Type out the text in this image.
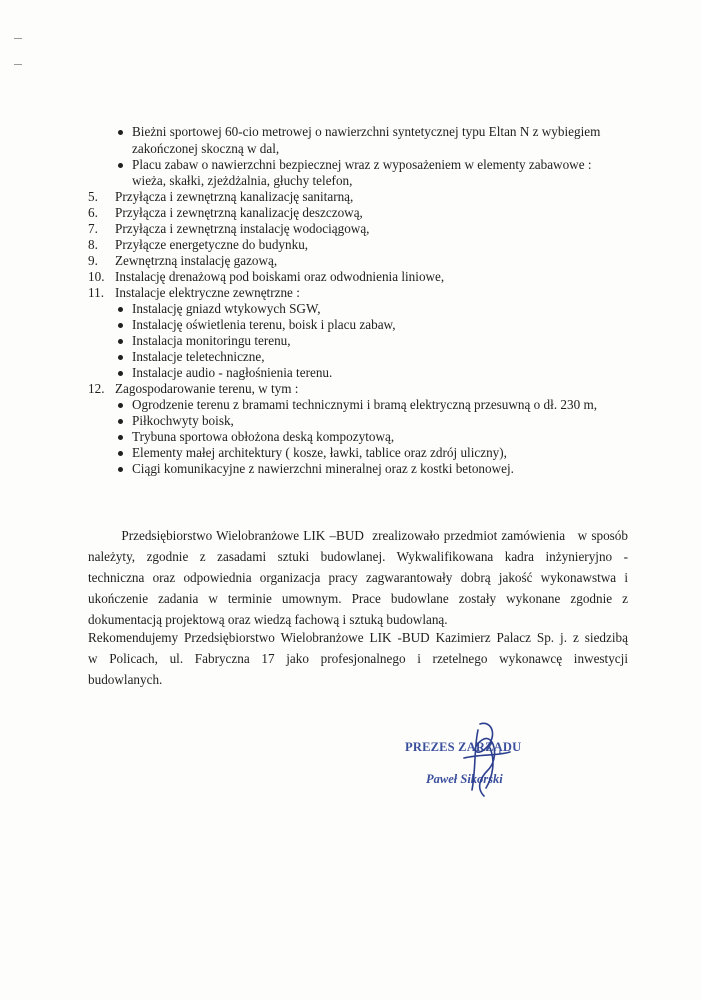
Bieżni sportowej 60-cio metrowej o nawierzchni syntetycznej typu Eltan N z wybiegiem
zakończonej skoczną w dal,
Placu zabaw o nawierzchni bezpiecznej wraz z wyposażeniem w elementy zabawowe :
wieża, skałki, zjeżdżalnia, głuchy telefon,
5.	Przyłącza i zewnętrzną kanalizację sanitarną,
6.	Przyłącza i zewnętrzną kanalizację deszczową,
7.	Przyłącza i zewnętrzną instalację wodociągową,
8.	Przyłącze energetyczne do budynku,
9.	Zewnętrzną instalację gazową,
10. Instalację drenażową pod boiskami oraz odwodnienia liniowe,
11. Instalacje elektryczne zewnętrzne :
Instalację gniazd wtykowych SGW,
Instalację oświetlenia terenu, boisk i placu zabaw,
Instalacja monitoringu terenu,
Instalacje teletechniczne,
Instalacje audio - nagłośnienia terenu.
12. Zagospodarowanie terenu, w tym :
Ogrodzenie terenu z bramami technicznymi i bramą elektryczną przesuwną o dł. 230 m,
Piłkochwyty boisk,
Trybuna sportowa obłożona deską kompozytową,
Elementy małej architektury ( kosze, ławki, tablice oraz zdrój uliczny),
Ciągi komunikacyjne z nawierzchni mineralnej oraz z kostki betonowej.
Przedsiębiorstwo Wielobranżowe LIK –BUD  zrealizowało przedmiot zamówienia   w sposób
należyty, zgodnie z zasadami sztuki budowlanej. Wykwalifikowana kadra inżynieryjno -
techniczna oraz odpowiednia organizacja pracy zagwarantowały dobrą jakość wykonawstwa i
ukończenie zadania w terminie umownym. Prace budowlane zostały wykonane zgodnie z
dokumentacją projektową oraz wiedzą fachową i sztuką budowlaną.
Rekomendujemy Przedsiębiorstwo Wielobranżowe LIK -BUD Kazimierz Palacz Sp. j. z siedzibą
w Policach, ul. Fabryczna 17 jako profesjonalnego i rzetelnego wykonawcę inwestycji
budowlanych.
PREZES ZARZĄDU
Paweł Sikorski
